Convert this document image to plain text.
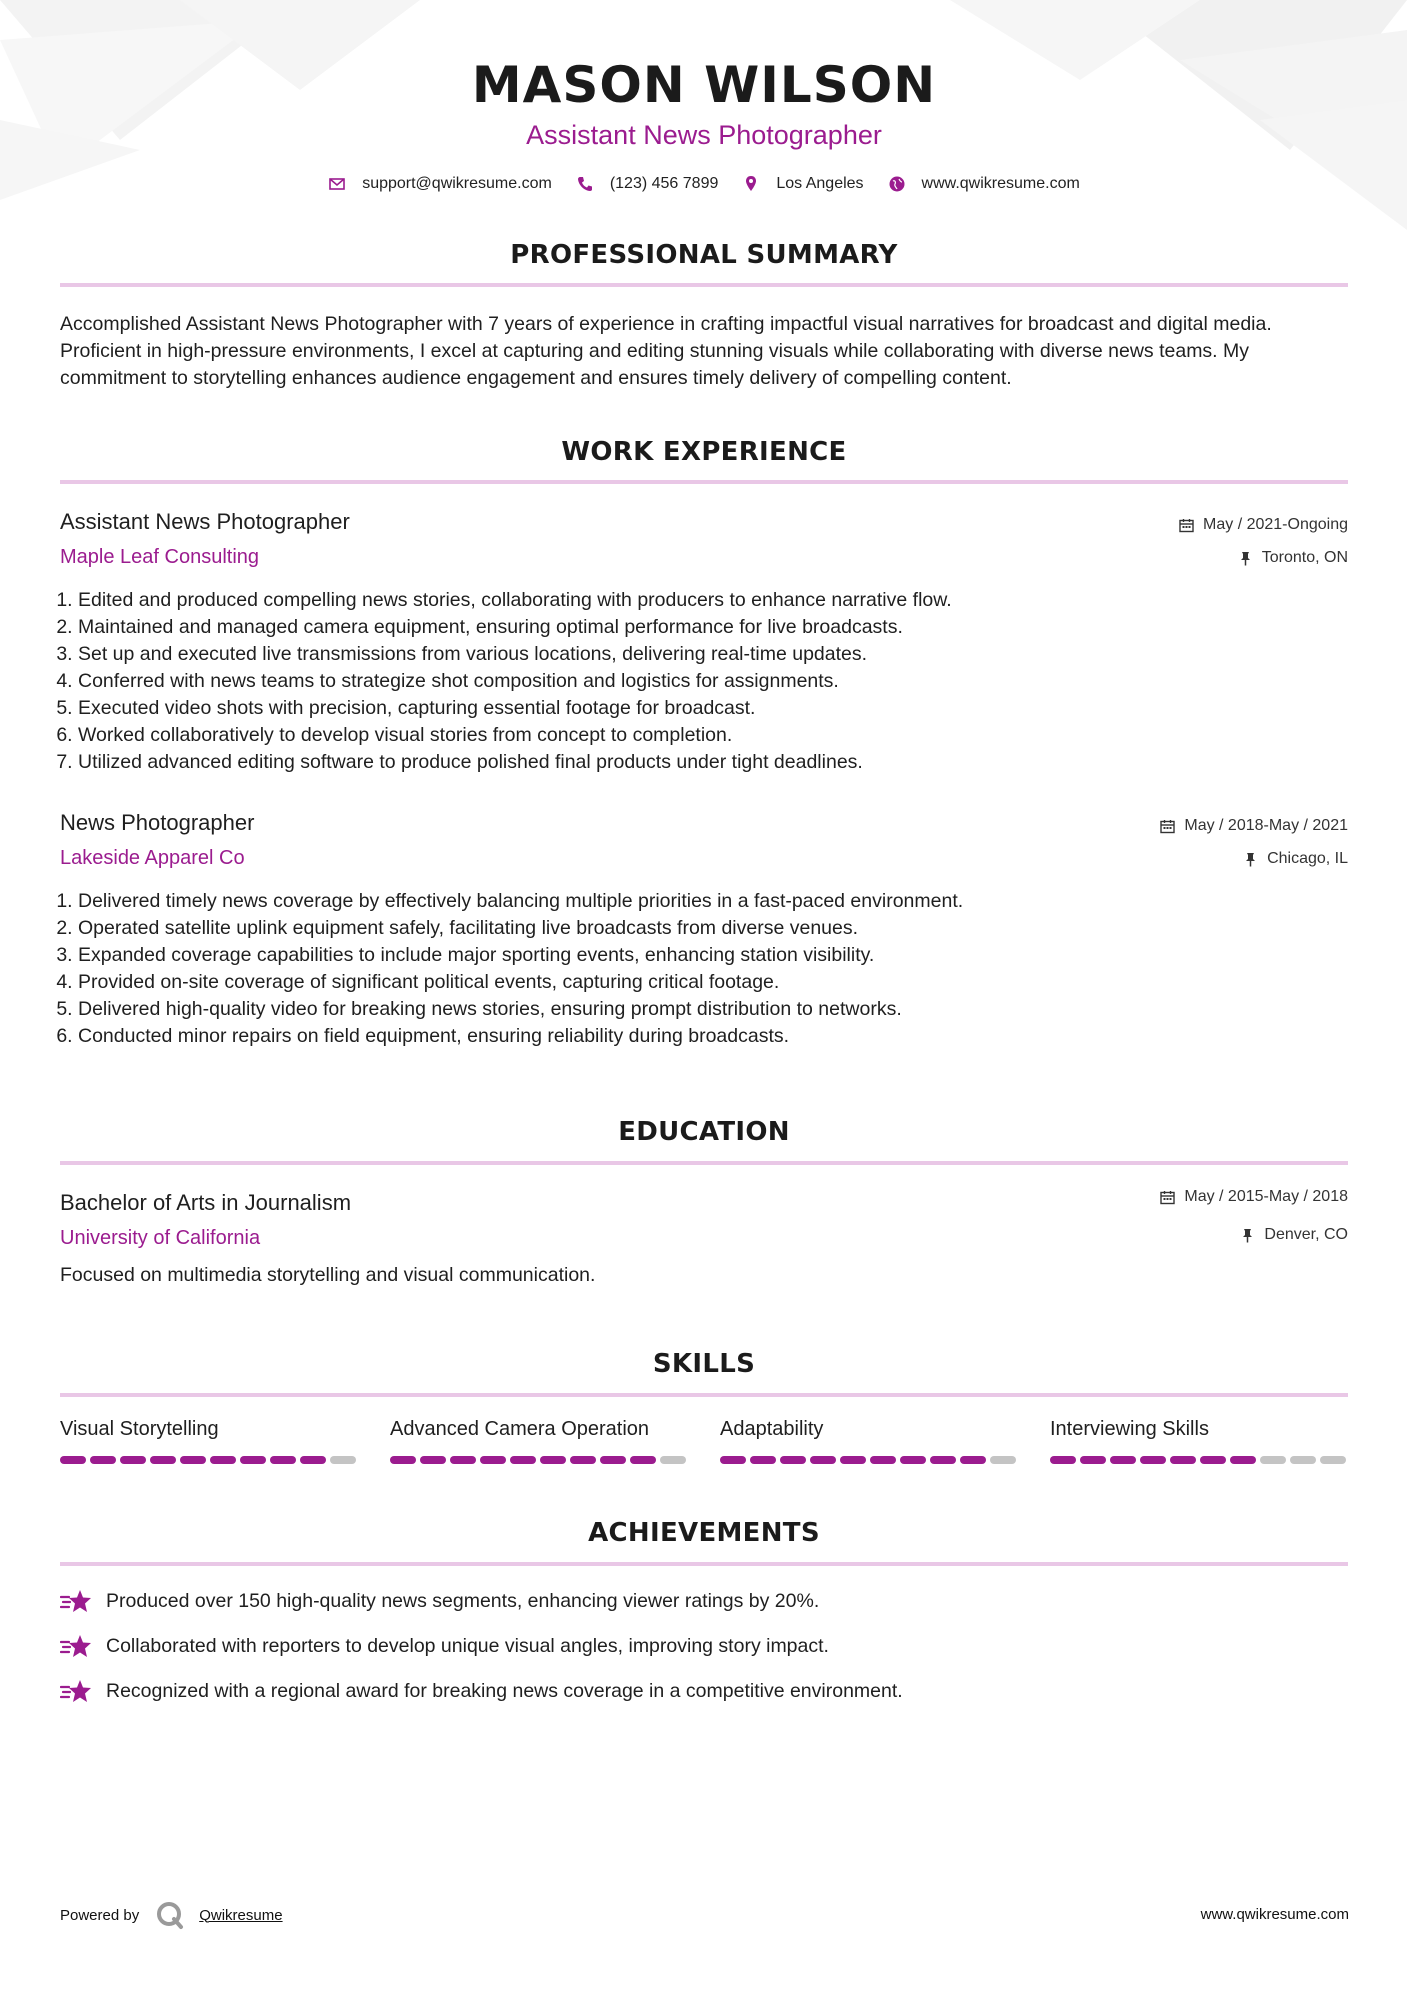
MASON WILSON
Assistant News Photographer
support@qwikresume.com	(123) 456 7899	Los Angeles	www.qwikresume.com
PROFESSIONAL SUMMARY
Accomplished Assistant News Photographer with 7 years of experience in crafting impactful visual narratives for broadcast and digital media. Proficient in high-pressure environments, I excel at capturing and editing stunning visuals while collaborating with diverse news teams. My commitment to storytelling enhances audience engagement and ensures timely delivery of compelling content.
WORK EXPERIENCE
Assistant News Photographer
Maple Leaf Consulting
May / 2021-Ongoing
Toronto, ON
1. Edited and produced compelling news stories, collaborating with producers to enhance narrative flow.
2. Maintained and managed camera equipment, ensuring optimal performance for live broadcasts.
3. Set up and executed live transmissions from various locations, delivering real-time updates.
4. Conferred with news teams to strategize shot composition and logistics for assignments.
5. Executed video shots with precision, capturing essential footage for broadcast.
6. Worked collaboratively to develop visual stories from concept to completion.
7. Utilized advanced editing software to produce polished final products under tight deadlines.
News Photographer
Lakeside Apparel Co
May / 2018-May / 2021
Chicago, IL
1. Delivered timely news coverage by effectively balancing multiple priorities in a fast-paced environment.
2. Operated satellite uplink equipment safely, facilitating live broadcasts from diverse venues.
3. Expanded coverage capabilities to include major sporting events, enhancing station visibility.
4. Provided on-site coverage of significant political events, capturing critical footage.
5. Delivered high-quality video for breaking news stories, ensuring prompt distribution to networks.
6. Conducted minor repairs on field equipment, ensuring reliability during broadcasts.
EDUCATION
Bachelor of Arts in Journalism
University of California
May / 2015-May / 2018
Denver, CO
Focused on multimedia storytelling and visual communication.
SKILLS
Visual Storytelling	Advanced Camera Operation	Adaptability	Interviewing Skills
ACHIEVEMENTS
Produced over 150 high-quality news segments, enhancing viewer ratings by 20%.
Collaborated with reporters to develop unique visual angles, improving story impact.
Recognized with a regional award for breaking news coverage in a competitive environment.
Powered by	Qwikresume	www.qwikresume.com
